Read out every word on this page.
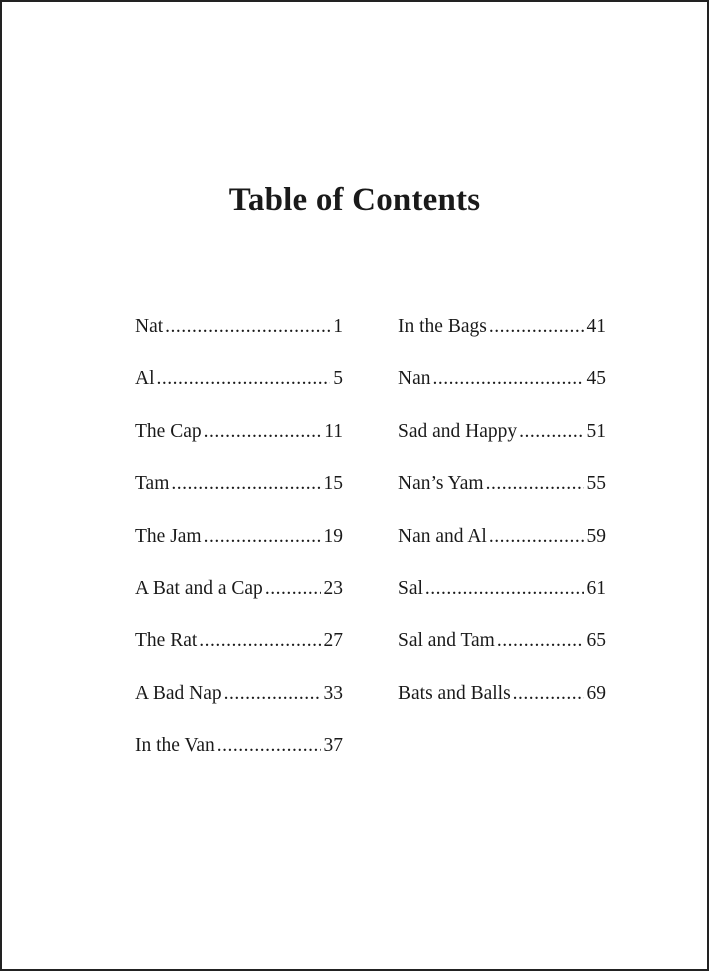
Table of Contents
Nat .....	1
Al .....	5
The Cap .....	11
Tam .....	15
The Jam .....	19
A Bat and a Cap .....	23
The Rat .....	27
A Bad Nap .....	33
In the Van .....	37
In the Bags .....	41
Nan .....	45
Sad and Happy .....	51
Nan’s Yam .....	55
Nan and Al .....	59
Sal .....	61
Sal and Tam .....	65
Bats and Balls .....	69
